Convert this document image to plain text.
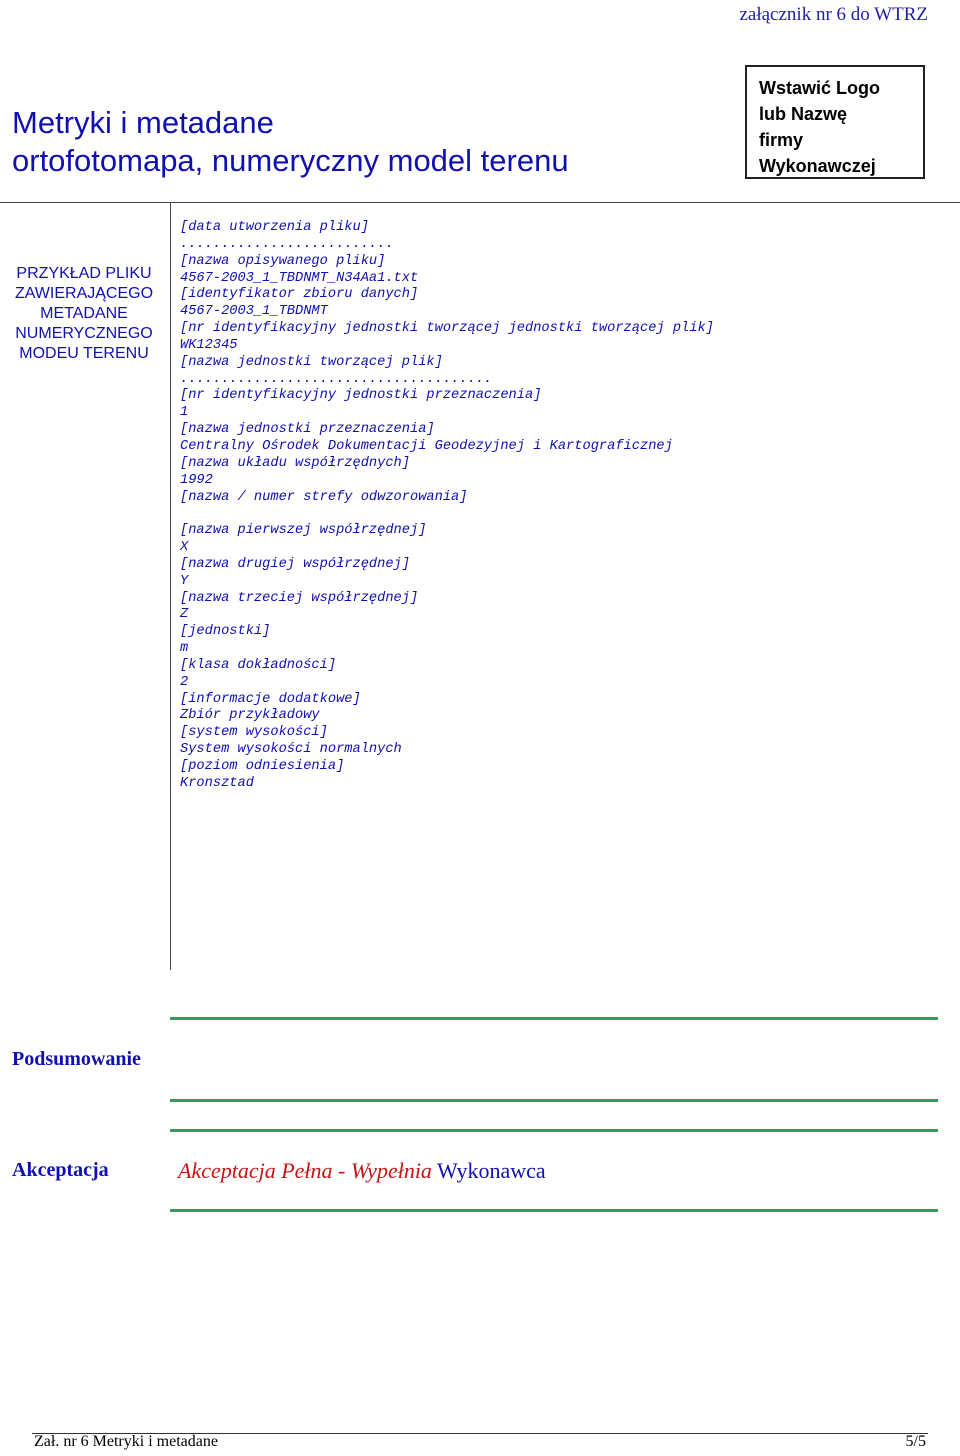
załącznik nr 6 do WTRZ
Metryki i metadane
ortofotomapa, numeryczny model terenu
Wstawić Logo
lub Nazwę
firmy
Wykonawczej
PRZYKŁAD PLIKU
ZAWIERAJĄCEGO
METADANE
NUMERYCZNEGO
MODEU TERENU
[data utworzenia pliku]
..........................
[nazwa opisywanego pliku]
4567-2003_1_TBDNMT_N34Aa1.txt
[identyfikator zbioru danych]
4567-2003_1_TBDNMT
[nr identyfikacyjny jednostki tworzącej jednostki tworzącej plik]
WK12345
[nazwa jednostki tworzącej plik]
......................................
[nr identyfikacyjny jednostki przeznaczenia]
1
[nazwa jednostki przeznaczenia]
Centralny Ośrodek Dokumentacji Geodezyjnej i Kartograficznej
[nazwa układu współrzędnych]
1992
[nazwa / numer strefy odwzorowania]
[nazwa pierwszej współrzędnej]
X
[nazwa drugiej współrzędnej]
Y
[nazwa trzeciej współrzędnej]
Z
[jednostki]
m
[klasa dokładności]
2
[informacje dodatkowe]
Zbiór przykładowy
[system wysokości]
System wysokości normalnych
[poziom odniesienia]
Kronsztad
Podsumowanie
Akceptacja	Akceptacja Pełna - Wypełnia Wykonawca
Zał. nr 6 Metryki i metadane	5/5
